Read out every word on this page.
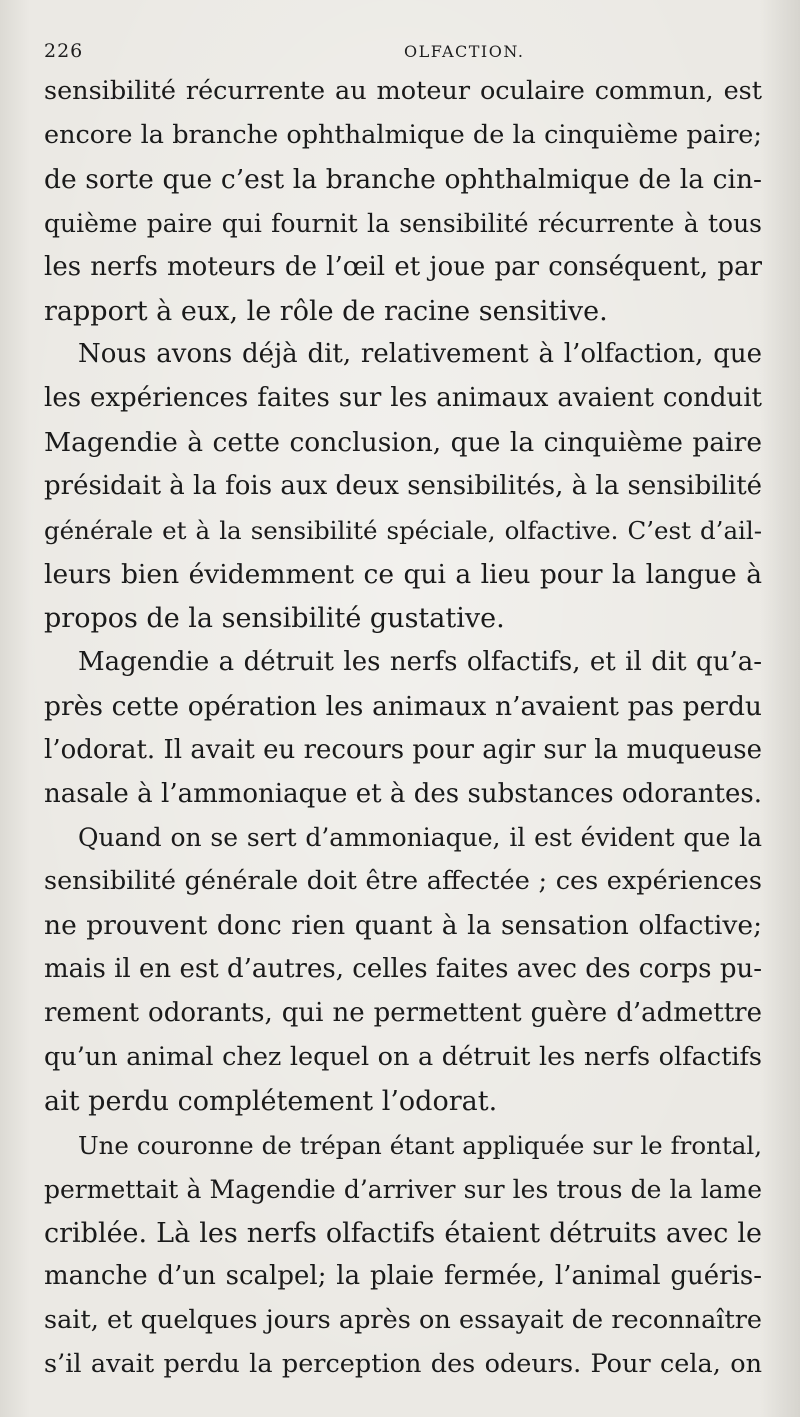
226	OLFACTION.
sensibilité récurrente au moteur oculaire commun, est
encore la branche ophthalmique de la cinquième paire;
de sorte que c’est la branche ophthalmique de la cin-
quième paire qui fournit la sensibilité récurrente à tous
les nerfs moteurs de l’œil et joue par conséquent, par
rapport à eux, le rôle de racine sensitive.
Nous avons déjà dit, relativement à l’olfaction, que
les expériences faites sur les animaux avaient conduit
Magendie à cette conclusion, que la cinquième paire
présidait à la fois aux deux sensibilités, à la sensibilité
générale et à la sensibilité spéciale, olfactive. C’est d’ail-
leurs bien évidemment ce qui a lieu pour la langue à
propos de la sensibilité gustative.
Magendie a détruit les nerfs olfactifs, et il dit qu’a-
près cette opération les animaux n’avaient pas perdu
l’odorat. Il avait eu recours pour agir sur la muqueuse
nasale à l’ammoniaque et à des substances odorantes.
Quand on se sert d’ammoniaque, il est évident que la
sensibilité générale doit être affectée ; ces expériences
ne prouvent donc rien quant à la sensation olfactive;
mais il en est d’autres, celles faites avec des corps pu-
rement odorants, qui ne permettent guère d’admettre
qu’un animal chez lequel on a détruit les nerfs olfactifs
ait perdu complétement l’odorat.
Une couronne de trépan étant appliquée sur le frontal,
permettait à Magendie d’arriver sur les trous de la lame
criblée. Là les nerfs olfactifs étaient détruits avec le
manche d’un scalpel; la plaie fermée, l’animal guéris-
sait, et quelques jours après on essayait de reconnaître
s’il avait perdu la perception des odeurs. Pour cela, on
